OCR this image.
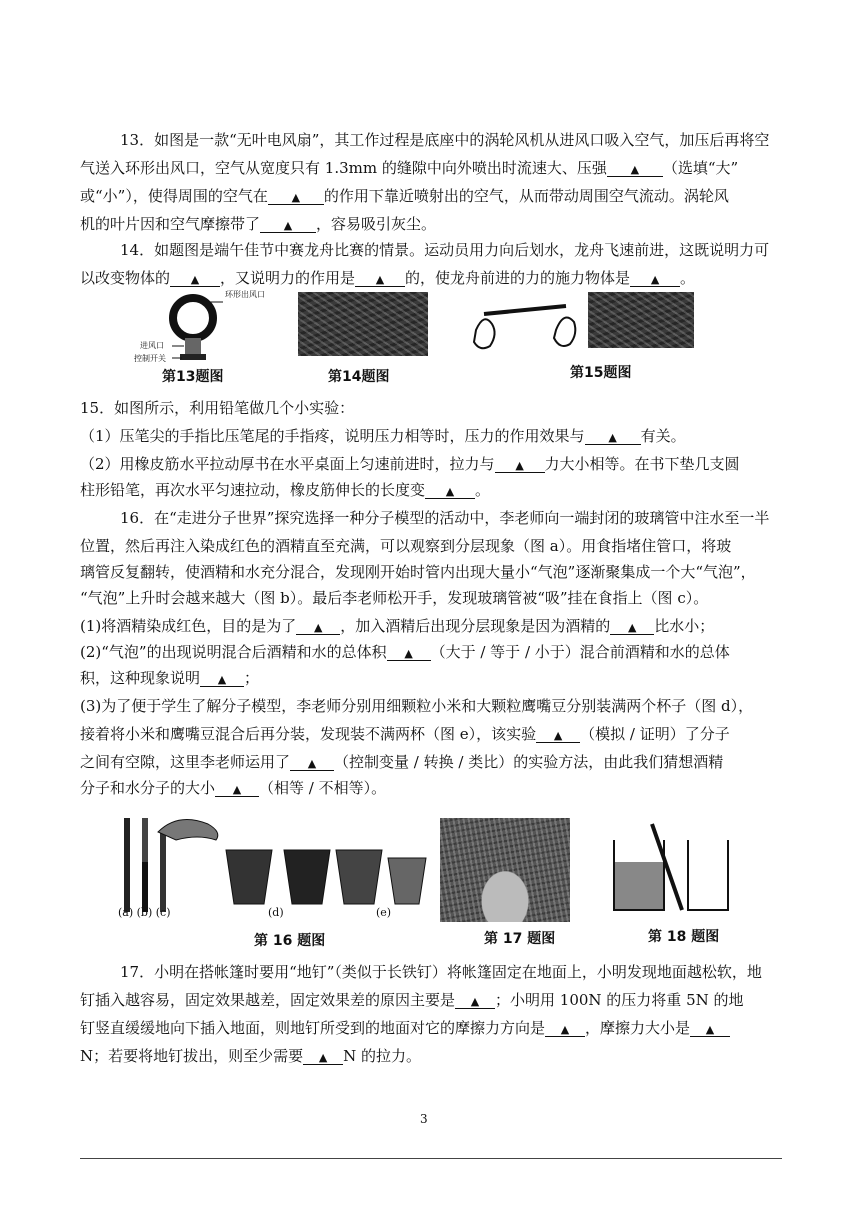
13．如图是一款“无叶电风扇”，其工作过程是底座中的涡轮风机从进风口吸入空气，加压后再将空
气送入环形出风口，空气从宽度只有 1.3mm 的缝隙中向外喷出时流速大、压强 ▲ （选填“大”
或“小”），使得周围的空气在 ▲ 的作用下靠近喷射出的空气，从而带动周围空气流动。涡轮风
机的叶片因和空气摩擦带了 ▲ ，容易吸引灰尘。
14．如题图是端午佳节中赛龙舟比赛的情景。运动员用力向后划水，龙舟飞速前进，这既说明力可
以改变物体的 ▲ ，又说明力的作用是 ▲ 的，使龙舟前进的力的施力物体是 ▲ 。
环形出风口
进风口
控制开关
第13题图	第14题图	第15题图
15．如图所示，利用铅笔做几个小实验：
（1）压笔尖的手指比压笔尾的手指疼，说明压力相等时，压力的作用效果与 ▲ 有关。
（2）用橡皮筋水平拉动厚书在水平桌面上匀速前进时，拉力与 ▲ 力大小相等。在书下垫几支圆
柱形铅笔，再次水平匀速拉动，橡皮筋伸长的长度变 ▲ 。
16．在“走进分子世界”探究选择一种分子模型的活动中，李老师向一端封闭的玻璃管中注水至一半
位置，然后再注入染成红色的酒精直至充满，可以观察到分层现象（图 a）。用食指堵住管口，将玻
璃管反复翻转，使酒精和水充分混合，发现刚开始时管内出现大量小“气泡”逐渐聚集成一个大“气泡”，
“气泡”上升时会越来越大（图 b）。最后李老师松开手，发现玻璃管被“吸”挂在食指上（图 c）。
(1)将酒精染成红色，目的是为了 ▲ ，加入酒精后出现分层现象是因为酒精的 ▲ 比水小；
(2)“气泡”的出现说明混合后酒精和水的总体积 ▲ （大于 / 等于 / 小于）混合前酒精和水的总体
积，这种现象说明 ▲ ；
(3)为了便于学生了解分子模型，李老师分别用细颗粒小米和大颗粒鹰嘴豆分别装满两个杯子（图 d），
接着将小米和鹰嘴豆混合后再分装，发现装不满两杯（图 e），该实验 ▲ （模拟 / 证明）了分子
之间有空隙，这里李老师运用了 ▲ （控制变量 / 转换 / 类比）的实验方法，由此我们猜想酒精
分子和水分子的大小 ▲ （相等 / 不相等）。
(a) (b) (c)	(d)	(e)
第 16 题图	第 17 题图	第 18 题图
17．小明在搭帐篷时要用“地钉”（类似于长铁钉）将帐篷固定在地面上，小明发现地面越松软，地
钉插入越容易，固定效果越差，固定效果差的原因主要是 ▲ ；小明用 100N 的压力将重 5N 的地
钉竖直缓缓地向下插入地面，则地钉所受到的地面对它的摩擦力方向是 ▲ ，摩擦力大小是 ▲
N；若要将地钉拔出，则至少需要 ▲ N 的拉力。
3
